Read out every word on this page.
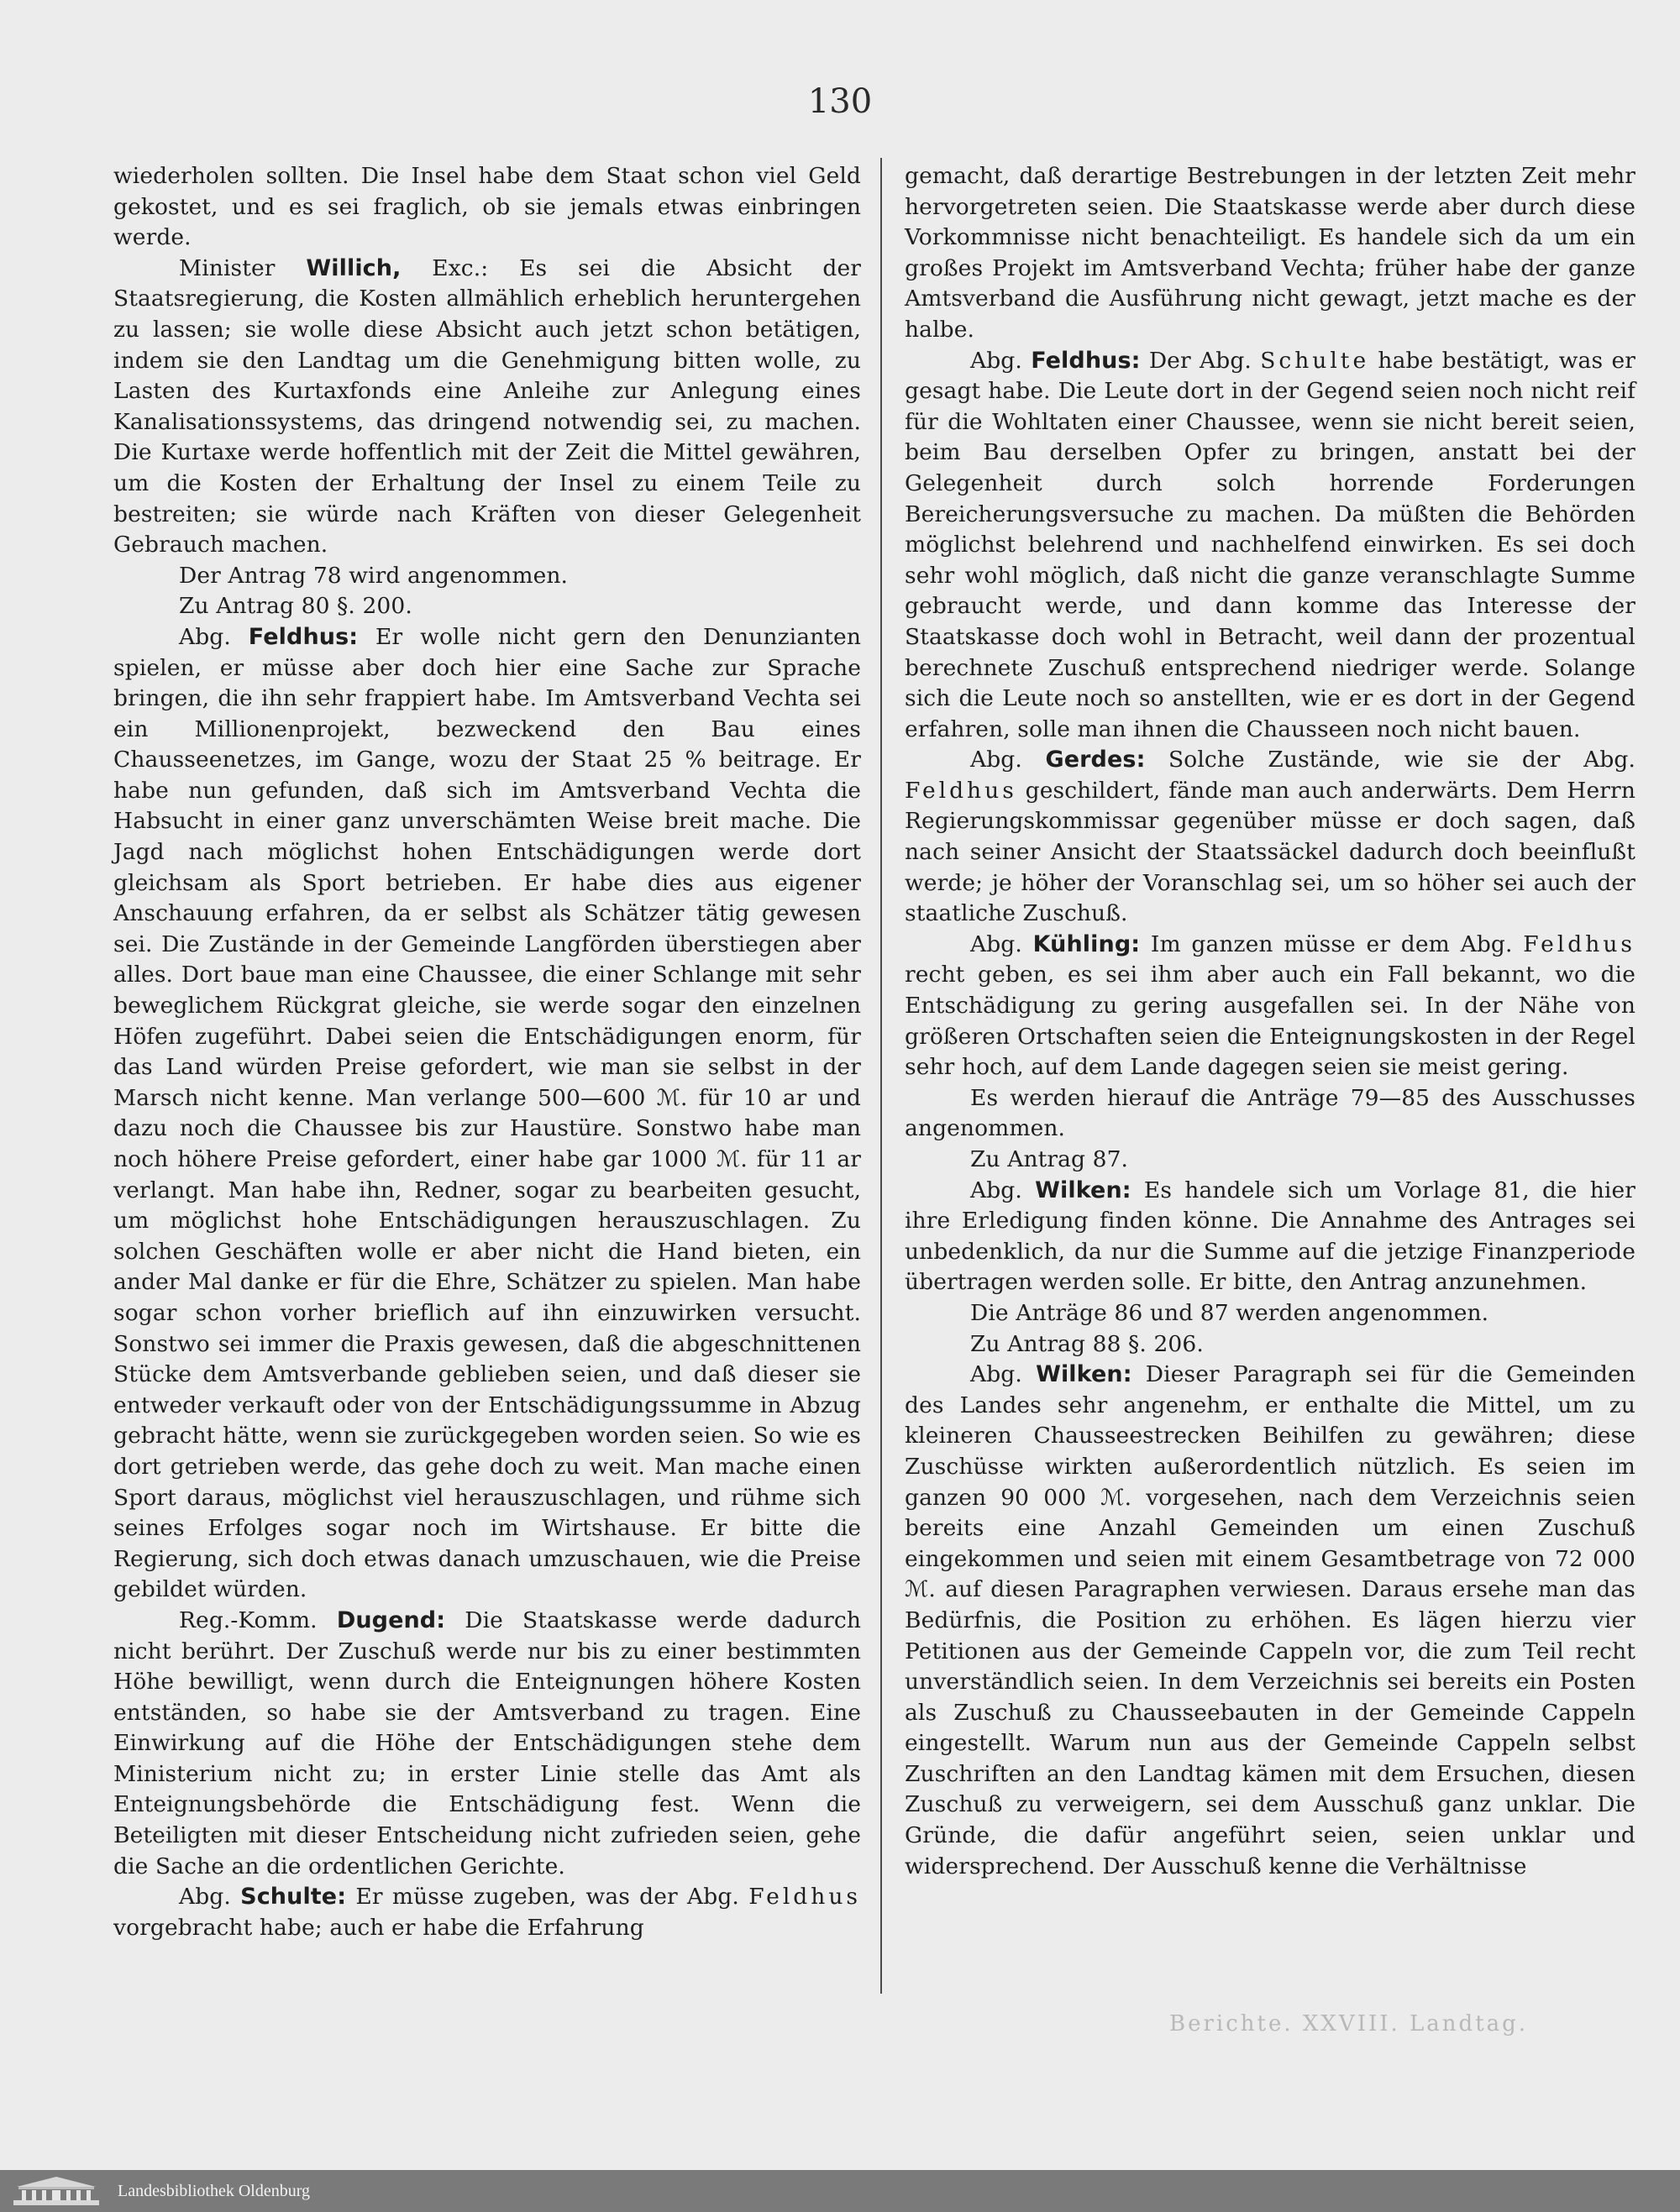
130

wiederholen sollten. Die Insel habe dem Staat schon viel Geld gekostet, und es sei fraglich, ob sie jemals etwas einbringen werde.

Minister Willich, Exc.: Es sei die Absicht der Staatsregierung, die Kosten allmählich erheblich heruntergehen zu lassen; sie wolle diese Absicht auch jetzt schon betätigen, indem sie den Landtag um die Genehmigung bitten wolle, zu Lasten des Kurtaxfonds eine Anleihe zur Anlegung eines Kanalisationssystems, das dringend notwendig sei, zu machen. Die Kurtaxe werde hoffentlich mit der Zeit die Mittel gewähren, um die Kosten der Erhaltung der Insel zu einem Teile zu bestreiten; sie würde nach Kräften von dieser Gelegenheit Gebrauch machen.

Der Antrag 78 wird angenommen.

Zu Antrag 80 §. 200.

Abg. Feldhus: Er wolle nicht gern den Denunzianten spielen, er müsse aber doch hier eine Sache zur Sprache bringen, die ihn sehr frappiert habe. Im Amtsverband Vechta sei ein Millionenprojekt, bezweckend den Bau eines Chausseenetzes, im Gange, wozu der Staat 25 % beitrage. Er habe nun gefunden, daß sich im Amtsverband Vechta die Habsucht in einer ganz unverschämten Weise breit mache. Die Jagd nach möglichst hohen Entschädigungen werde dort gleichsam als Sport betrieben. Er habe dies aus eigener Anschauung erfahren, da er selbst als Schätzer tätig gewesen sei. Die Zustände in der Gemeinde Langförden überstiegen aber alles. Dort baue man eine Chaussee, die einer Schlange mit sehr beweglichem Rückgrat gleiche, sie werde sogar den einzelnen Höfen zugeführt. Dabei seien die Entschädigungen enorm, für das Land würden Preise gefordert, wie man sie selbst in der Marsch nicht kenne. Man verlange 500—600 ℳ. für 10 ar und dazu noch die Chaussee bis zur Haustüre. Sonstwo habe man noch höhere Preise gefordert, einer habe gar 1000 ℳ. für 11 ar verlangt. Man habe ihn, Redner, sogar zu bearbeiten gesucht, um möglichst hohe Entschädigungen herauszuschlagen. Zu solchen Geschäften wolle er aber nicht die Hand bieten, ein ander Mal danke er für die Ehre, Schätzer zu spielen. Man habe sogar schon vorher brieflich auf ihn einzuwirken versucht. Sonstwo sei immer die Praxis gewesen, daß die abgeschnittenen Stücke dem Amtsverbande geblieben seien, und daß dieser sie entweder verkauft oder von der Entschädigungssumme in Abzug gebracht hätte, wenn sie zurückgegeben worden seien. So wie es dort getrieben werde, das gehe doch zu weit. Man mache einen Sport daraus, möglichst viel herauszuschlagen, und rühme sich seines Erfolges sogar noch im Wirtshause. Er bitte die Regierung, sich doch etwas danach umzuschauen, wie die Preise gebildet würden.

Reg.-Komm. Dugend: Die Staatskasse werde dadurch nicht berührt. Der Zuschuß werde nur bis zu einer bestimmten Höhe bewilligt, wenn durch die Enteignungen höhere Kosten entständen, so habe sie der Amtsverband zu tragen. Eine Einwirkung auf die Höhe der Entschädigungen stehe dem Ministerium nicht zu; in erster Linie stelle das Amt als Enteignungsbehörde die Entschädigung fest. Wenn die Beteiligten mit dieser Entscheidung nicht zufrieden seien, gehe die Sache an die ordentlichen Gerichte.

Abg. Schulte: Er müsse zugeben, was der Abg. Feldhus vorgebracht habe; auch er habe die Erfahrung

gemacht, daß derartige Bestrebungen in der letzten Zeit mehr hervorgetreten seien. Die Staatskasse werde aber durch diese Vorkommnisse nicht benachteiligt. Es handele sich da um ein großes Projekt im Amtsverband Vechta; früher habe der ganze Amtsverband die Ausführung nicht gewagt, jetzt mache es der halbe.

Abg. Feldhus: Der Abg. Schulte habe bestätigt, was er gesagt habe. Die Leute dort in der Gegend seien noch nicht reif für die Wohltaten einer Chaussee, wenn sie nicht bereit seien, beim Bau derselben Opfer zu bringen, anstatt bei der Gelegenheit durch solch horrende Forderungen Bereicherungsversuche zu machen. Da müßten die Behörden möglichst belehrend und nachhelfend einwirken. Es sei doch sehr wohl möglich, daß nicht die ganze veranschlagte Summe gebraucht werde, und dann komme das Interesse der Staatskasse doch wohl in Betracht, weil dann der prozentual berechnete Zuschuß entsprechend niedriger werde. Solange sich die Leute noch so anstellten, wie er es dort in der Gegend erfahren, solle man ihnen die Chausseen noch nicht bauen.

Abg. Gerdes: Solche Zustände, wie sie der Abg. Feldhus geschildert, fände man auch anderwärts. Dem Herrn Regierungskommissar gegenüber müsse er doch sagen, daß nach seiner Ansicht der Staatssäckel dadurch doch beeinflußt werde; je höher der Voranschlag sei, um so höher sei auch der staatliche Zuschuß.

Abg. Kühling: Im ganzen müsse er dem Abg. Feldhus recht geben, es sei ihm aber auch ein Fall bekannt, wo die Entschädigung zu gering ausgefallen sei. In der Nähe von größeren Ortschaften seien die Enteignungskosten in der Regel sehr hoch, auf dem Lande dagegen seien sie meist gering.

Es werden hierauf die Anträge 79—85 des Ausschusses angenommen.

Zu Antrag 87.

Abg. Wilken: Es handele sich um Vorlage 81, die hier ihre Erledigung finden könne. Die Annahme des Antrages sei unbedenklich, da nur die Summe auf die jetzige Finanzperiode übertragen werden solle. Er bitte, den Antrag anzunehmen.

Die Anträge 86 und 87 werden angenommen.

Zu Antrag 88 §. 206.

Abg. Wilken: Dieser Paragraph sei für die Gemeinden des Landes sehr angenehm, er enthalte die Mittel, um zu kleineren Chausseestrecken Beihilfen zu gewähren; diese Zuschüsse wirkten außerordentlich nützlich. Es seien im ganzen 90 000 ℳ. vorgesehen, nach dem Verzeichnis seien bereits eine Anzahl Gemeinden um einen Zuschuß eingekommen und seien mit einem Gesamtbetrage von 72 000 ℳ. auf diesen Paragraphen verwiesen. Daraus ersehe man das Bedürfnis, die Position zu erhöhen. Es lägen hierzu vier Petitionen aus der Gemeinde Cappeln vor, die zum Teil recht unverständlich seien. In dem Verzeichnis sei bereits ein Posten als Zuschuß zu Chausseebauten in der Gemeinde Cappeln eingestellt. Warum nun aus der Gemeinde Cappeln selbst Zuschriften an den Landtag kämen mit dem Ersuchen, diesen Zuschuß zu verweigern, sei dem Ausschuß ganz unklar. Die Gründe, die dafür angeführt seien, seien unklar und widersprechend. Der Ausschuß kenne die Verhältnisse

Berichte. XXVIII. Landtag.
Landesbibliothek Oldenburg
